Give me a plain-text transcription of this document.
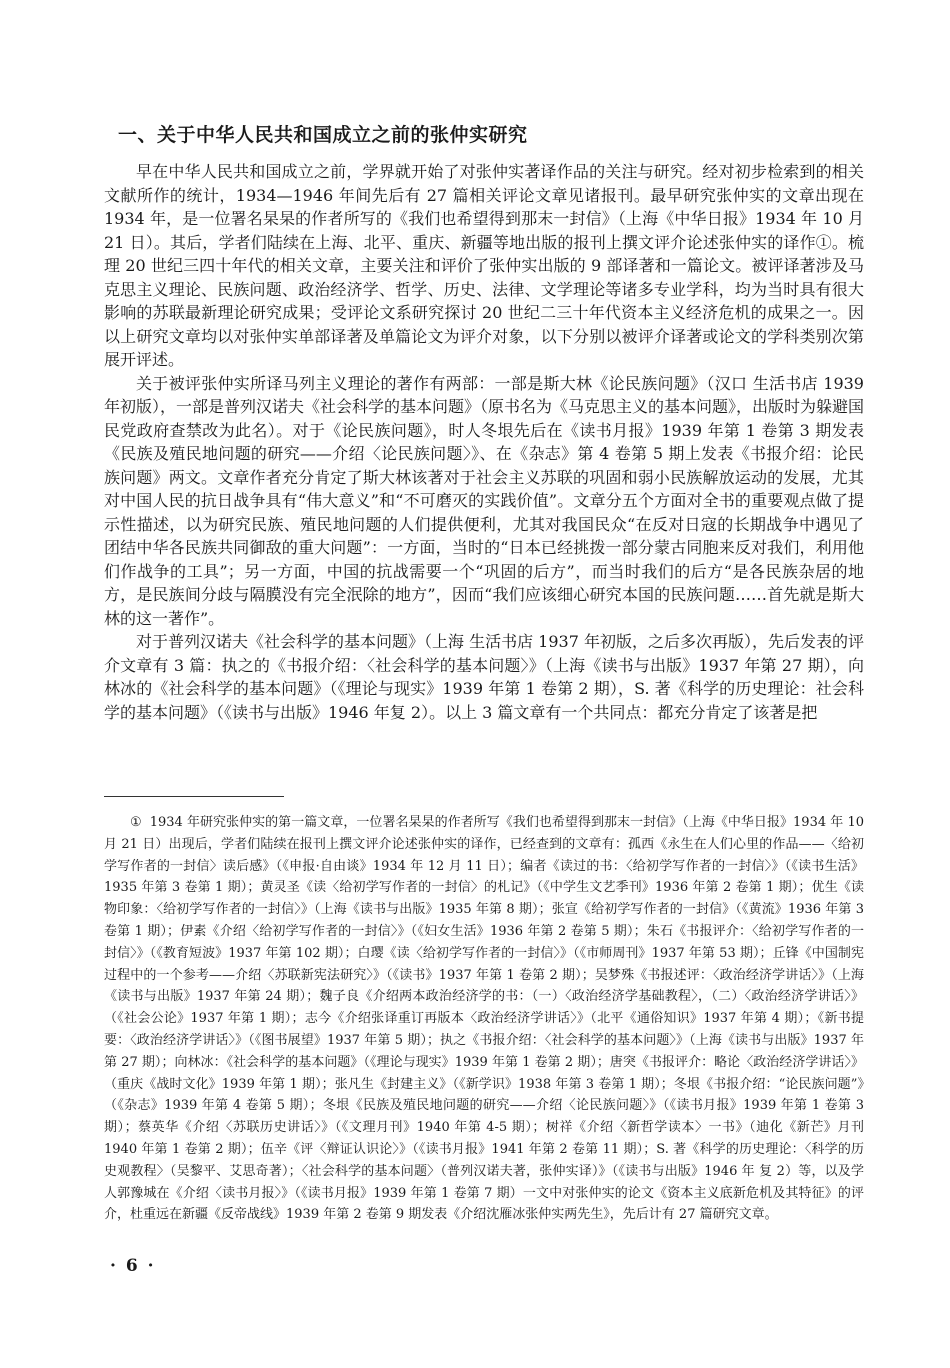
一、关于中华人民共和国成立之前的张仲实研究

早在中华人民共和国成立之前，学界就开始了对张仲实著译作品的关注与研究。经对初步检索到的相关文献所作的统计，1934—1946 年间先后有 27 篇相关评论文章见诸报刊。最早研究张仲实的文章出现在 1934 年，是一位署名杲杲的作者所写的《我们也希望得到那末一封信》（上海《中华日报》1934 年 10 月 21 日）。其后，学者们陆续在上海、北平、重庆、新疆等地出版的报刊上撰文评介论述张仲实的译作①。梳理 20 世纪三四十年代的相关文章，主要关注和评价了张仲实出版的 9 部译著和一篇论文。被评译著涉及马克思主义理论、民族问题、政治经济学、哲学、历史、法律、文学理论等诸多专业学科，均为当时具有很大影响的苏联最新理论研究成果；受评论文系研究探讨 20 世纪二三十年代资本主义经济危机的成果之一。因以上研究文章均以对张仲实单部译著及单篇论文为评介对象，以下分别以被评介译著或论文的学科类别次第展开评述。

关于被评张仲实所译马列主义理论的著作有两部：一部是斯大林《论民族问题》（汉口 生活书店 1939 年初版），一部是普列汉诺夫《社会科学的基本问题》（原书名为《马克思主义的基本问题》，出版时为躲避国民党政府查禁改为此名）。对于《论民族问题》，时人冬垠先后在《读书月报》1939 年第 1 卷第 3 期发表《民族及殖民地问题的研究——介绍〈论民族问题〉》、在《杂志》第 4 卷第 5 期上发表《书报介绍：论民族问题》两文。文章作者充分肯定了斯大林该著对于社会主义苏联的巩固和弱小民族解放运动的发展，尤其对中国人民的抗日战争具有“伟大意义”和“不可磨灭的实践价值”。文章分五个方面对全书的重要观点做了提示性描述，以为研究民族、殖民地问题的人们提供便利，尤其对我国民众“在反对日寇的长期战争中遇见了团结中华各民族共同御敌的重大问题”：一方面，当时的“日本已经挑拨一部分蒙古同胞来反对我们，利用他们作战争的工具”；另一方面，中国的抗战需要一个“巩固的后方”，而当时我们的后方“是各民族杂居的地方，是民族间分歧与隔膜没有完全泯除的地方”，因而“我们应该细心研究本国的民族问题……首先就是斯大林的这一著作”。

对于普列汉诺夫《社会科学的基本问题》（上海 生活书店 1937 年初版，之后多次再版），先后发表的评介文章有 3 篇：执之的《书报介绍：〈社会科学的基本问题〉》（上海《读书与出版》1937 年第 27 期），向林冰的《社会科学的基本问题》（《理论与现实》1939 年第 1 卷第 2 期），S. 著《科学的历史理论：社会科学的基本问题》（《读书与出版》1946 年复 2）。以上 3 篇文章有一个共同点：都充分肯定了该著是把

① 1934 年研究张仲实的第一篇文章，一位署名杲杲的作者所写《我们也希望得到那末一封信》（上海《中华日报》1934 年 10 月 21 日）出现后，学者们陆续在报刊上撰文评介论述张仲实的译作，已经查到的文章有：孤西《永生在人们心里的作品——〈给初学写作者的一封信〉读后感》（《申报·自由谈》1934 年 12 月 11 日）；编者《读过的书：〈给初学写作者的一封信〉》（《读书生活》1935 年第 3 卷第 1 期）；黄灵圣《读〈给初学写作者的一封信〉的札记》（《中学生文艺季刊》1936 年第 2 卷第 1 期）；优生《读物印象：〈给初学写作者的一封信〉》（上海《读书与出版》1935 年第 8 期）；张宣《给初学写作者的一封信》（《黄流》1936 年第 3 卷第 1 期）；伊素《介绍〈给初学写作者的一封信〉》（《妇女生活》1936 年第 2 卷第 5 期）；朱石《书报评介：〈给初学写作者的一封信〉》（《教育短波》1937 年第 102 期）；白璎《读〈给初学写作者的一封信〉》（《市师周刊》1937 年第 53 期）；丘锋《中国制宪过程中的一个参考——介绍〈苏联新宪法研究〉》（《读书》1937 年第 1 卷第 2 期）；吴梦殊《书报述评：〈政治经济学讲话〉》（上海《读书与出版》1937 年第 24 期）；魏子良《介绍两本政治经济学的书：（一）〈政治经济学基础教程〉，（二）〈政治经济学讲话〉》（《社会公论》1937 年第 1 期）；志今《介绍张译重订再版本〈政治经济学讲话〉》（北平《通俗知识》1937 年第 4 期）；《新书提要：〈政治经济学讲话〉》（《图书展望》1937 年第 5 期）；执之《书报介绍：〈社会科学的基本问题〉》（上海《读书与出版》1937 年第 27 期）；向林冰：《社会科学的基本问题》（《理论与现实》1939 年第 1 卷第 2 期）；唐突《书报评介：略论〈政治经济学讲话〉》（重庆《战时文化》1939 年第 1 期）；张凡生《封建主义》（《新学识》1938 年第 3 卷第 1 期）；冬垠《书报介绍：“论民族问题”》（《杂志》1939 年第 4 卷第 5 期）；冬垠《民族及殖民地问题的研究——介绍〈论民族问题〉》（《读书月报》1939 年第 1 卷第 3 期）；蔡英华《介绍〈苏联历史讲话〉》（《文理月刊》1940 年第 4-5 期）；树祥《介绍〈新哲学读本〉一书》（迪化《新芒》月刊 1940 年第 1 卷第 2 期）；伍辛《评〈辩证认识论〉》（《读书月报》1941 年第 2 卷第 11 期）；S. 著《科学的历史理论：〈科学的历史观教程〉（吴黎平、艾思奇著）；〈社会科学的基本问题〉（普列汉诺夫著，张仲实译）》（《读书与出版》1946 年 复 2）等，以及学人郭豫城在《介绍〈读书月报〉》（《读书月报》1939 年第 1 卷第 7 期）一文中对张仲实的论文《资本主义底新危机及其特征》的评介，杜重远在新疆《反帝战线》1939 年第 2 卷第 9 期发表《介绍沈雁冰张仲实两先生》，先后计有 27 篇研究文章。

· 6 ·
